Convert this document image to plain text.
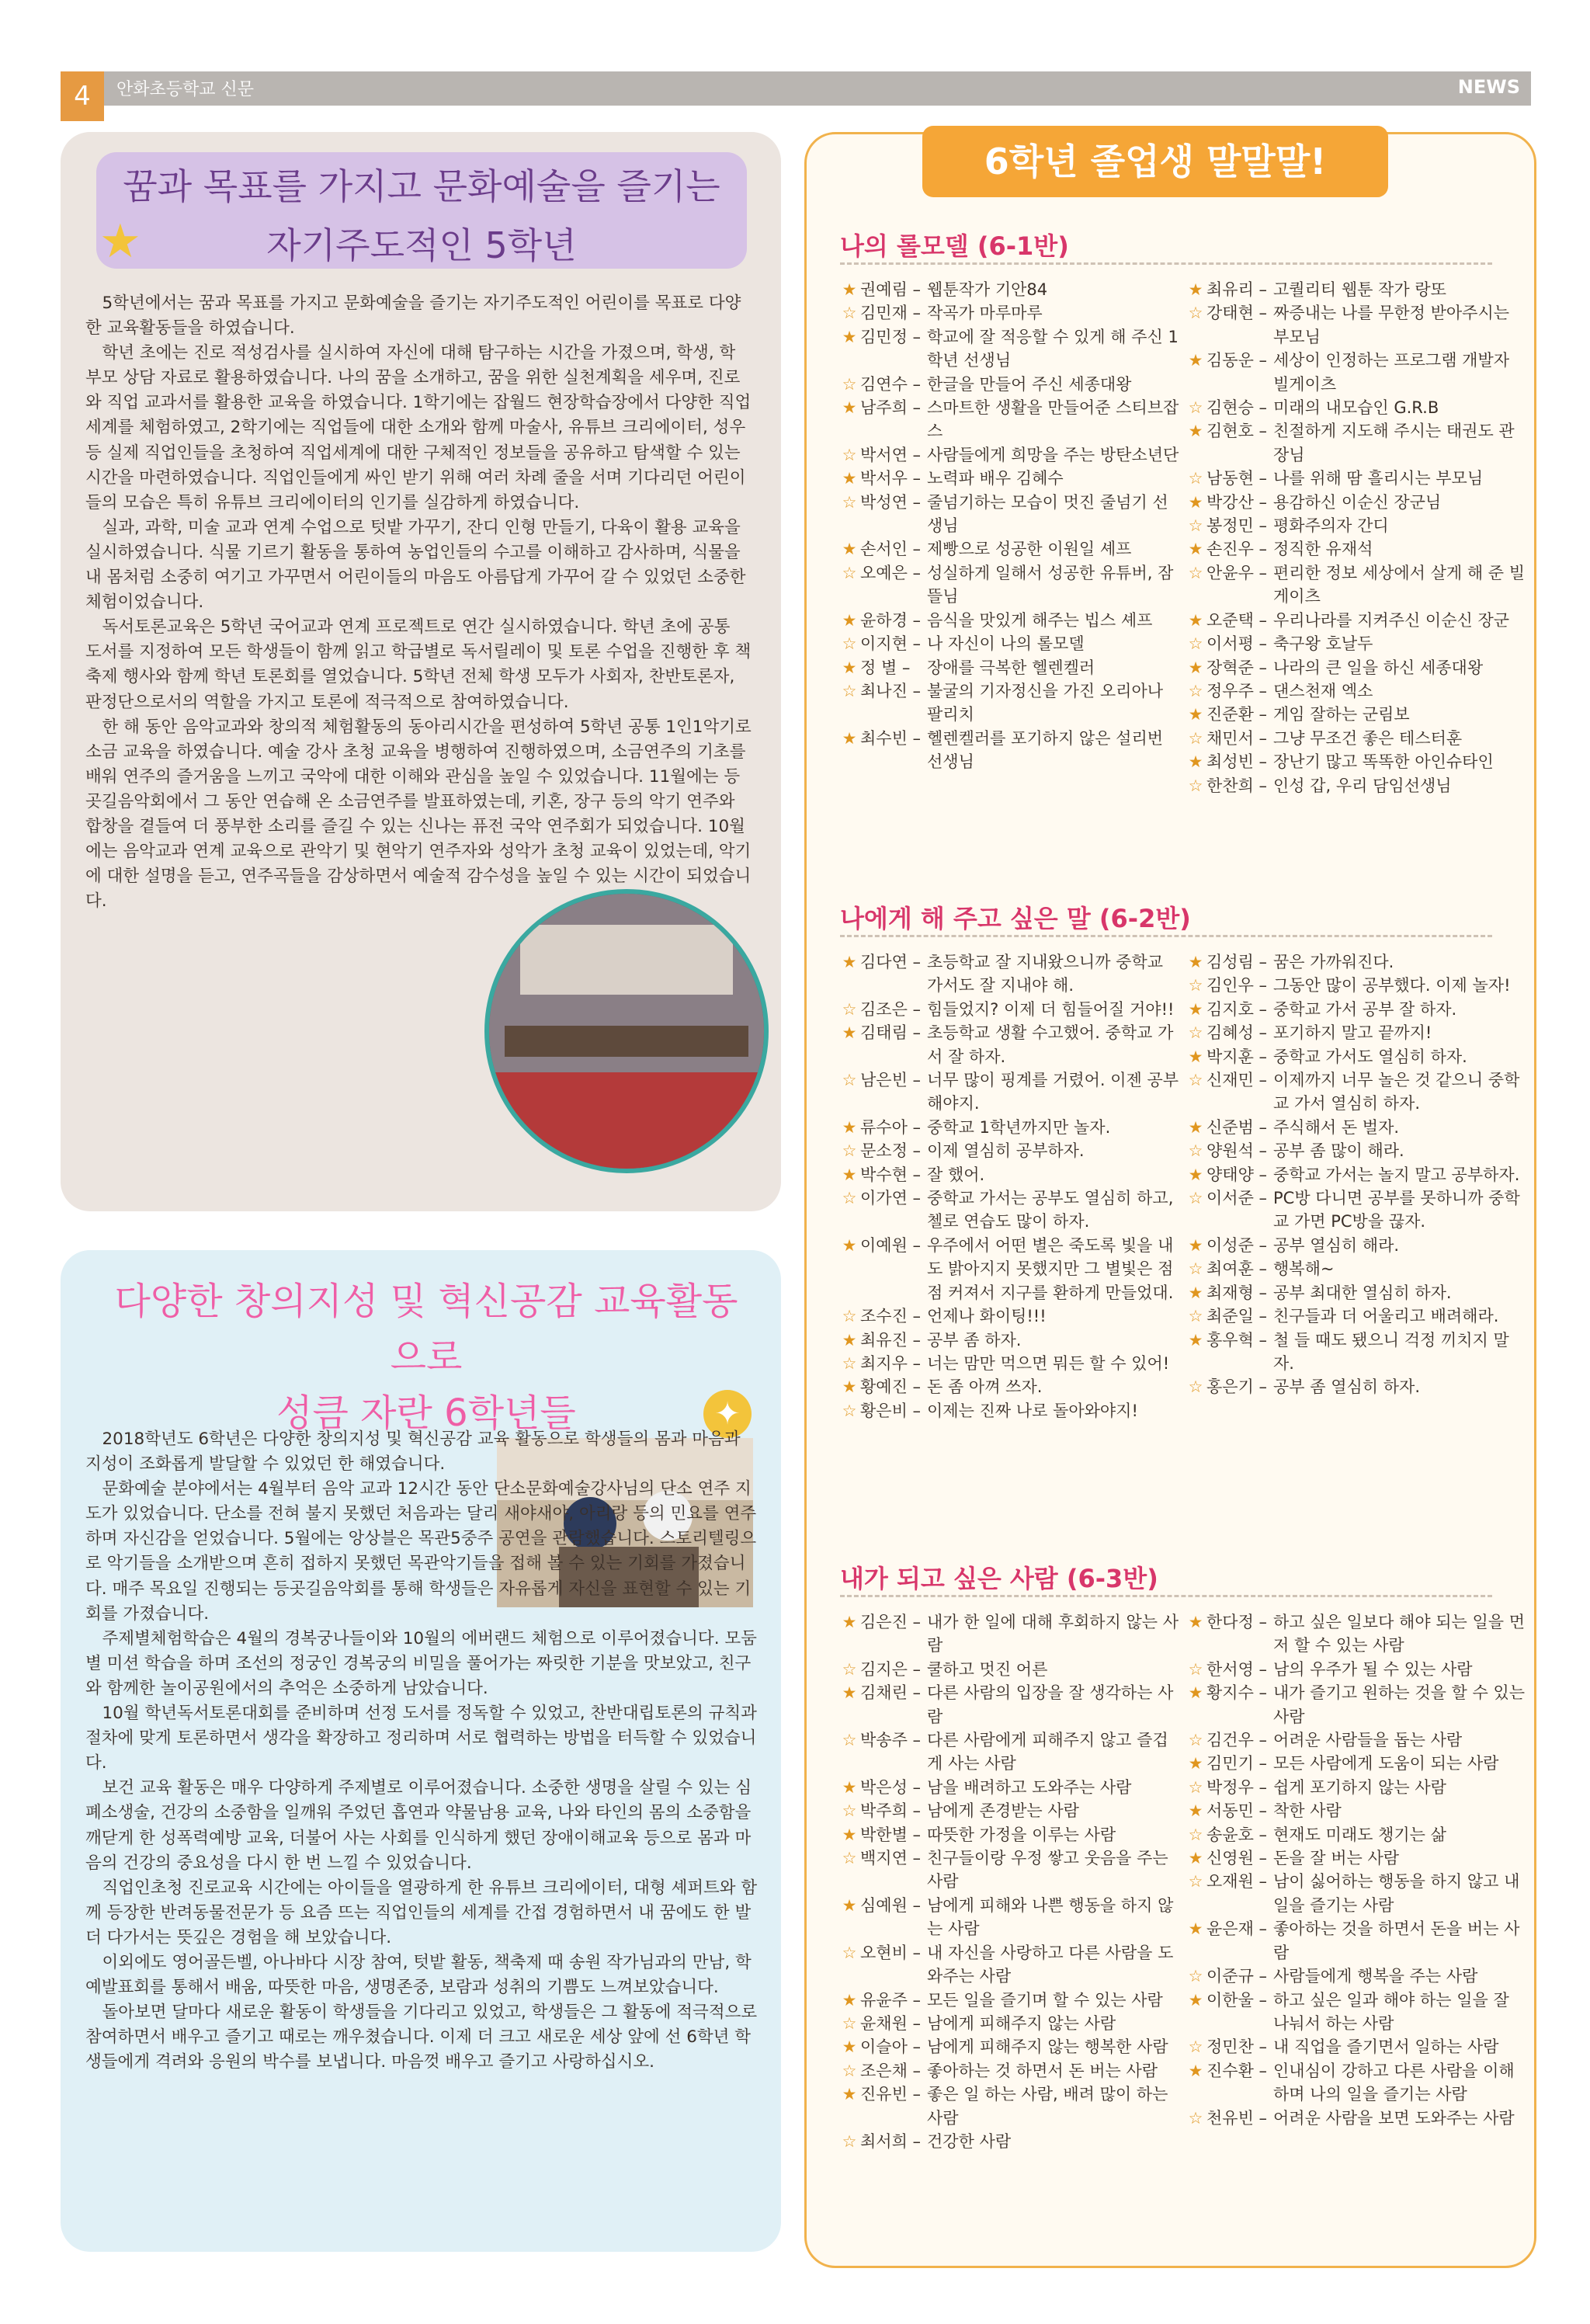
4	안화초등학교 신문	NEWS

꿈과 목표를 가지고 문화예술을 즐기는

자기주도적인 5학년

★

5학년에서는 꿈과 목표를 가지고 문화예술을 즐기는 자기주도적인 어린이를 목표로 다양한 교육활동들을 하였습니다.

학년 초에는 진로 적성검사를 실시하여 자신에 대해 탐구하는 시간을 가졌으며, 학생, 학부모 상담 자료로 활용하였습니다. 나의 꿈을 소개하고, 꿈을 위한 실천계획을 세우며, 진로와 직업 교과서를 활용한 교육을 하였습니다. 1학기에는 잡월드 현장학습장에서 다양한 직업 세계를 체험하였고, 2학기에는 직업들에 대한 소개와 함께 마술사, 유튜브 크리에이터, 성우 등 실제 직업인들을 초청하여 직업세계에 대한 구체적인 정보들을 공유하고 탐색할 수 있는 시간을 마련하였습니다. 직업인들에게 싸인 받기 위해 여러 차례 줄을 서며 기다리던 어린이들의 모습은 특히 유튜브 크리에이터의 인기를 실감하게 하였습니다.

실과, 과학, 미술 교과 연계 수업으로 텃밭 가꾸기, 잔디 인형 만들기, 다육이 활용 교육을 실시하였습니다. 식물 기르기 활동을 통하여 농업인들의 수고를 이해하고 감사하며, 식물을 내 몸처럼 소중히 여기고 가꾸면서 어린이들의 마음도 아름답게 가꾸어 갈 수 있었던 소중한 체험이었습니다.

독서토론교육은 5학년 국어교과 연계 프로젝트로 연간 실시하였습니다. 학년 초에 공통 도서를 지정하여 모든 학생들이 함께 읽고 학급별로 독서릴레이 및 토론 수업을 진행한 후 책 축제 행사와 함께 학년 토론회를 열었습니다. 5학년 전체 학생 모두가 사회자, 찬반토론자, 판정단으로서의 역할을 가지고 토론에 적극적으로 참여하였습니다.

한 해 동안 음악교과와 창의적 체험활동의 동아리시간을 편성하여 5학년 공통 1인1악기로 소금 교육을 하였습니다. 예술 강사 초청 교육을 병행하여 진행하였으며, 소금연주의 기초를 배워 연주의 즐거움을 느끼고 국악에 대한 이해와 관심을 높일 수 있었습니다. 11월에는 등곳길음악회에서 그 동안 연습해 온 소금연주를 발표하였는데, 키혼, 장구 등의 악기 연주와 합창을 곁들여 더 풍부한 소리를 즐길 수 있는 신나는 퓨전 국악 연주회가 되었습니다. 10월에는 음악교과 연계 교육으로 관악기 및 현악기 연주자와 성악가 초청 교육이 있었는데, 악기에 대한 설명을 듣고, 연주곡들을 감상하면서 예술적 감수성을 높일 수 있는 시간이 되었습니다.

다양한 창의지성 및 혁신공감 교육활동으로

성큼 자란 6학년들	✦

2018학년도 6학년은 다양한 창의지성 및 혁신공감 교육 활동으로 학생들의 몸과 마음과 지성이 조화롭게 발달할 수 있었던 한 해였습니다.

문화예술 분야에서는 4월부터 음악 교과 12시간 동안 단소문화예술강사님의 단소 연주 지도가 있었습니다. 단소를 전혀 불지 못했던 처음과는 달리 새야새야, 아리랑 등의 민요를 연주하며 자신감을 얻었습니다. 5월에는 앙상블은 목관5중주 공연을 관람했습니다. 스토리텔링으로 악기들을 소개받으며 흔히 접하지 못했던 목관악기들을 접해 볼 수 있는 기회를 가졌습니다. 매주 목요일 진행되는 등곳길음악회를 통해 학생들은 자유롭게 자신을 표현할 수 있는 기회를 가졌습니다.

주제별체험학습은 4월의 경복궁나들이와 10월의 에버랜드 체험으로 이루어졌습니다. 모둠별 미션 학습을 하며 조선의 정궁인 경복궁의 비밀을 풀어가는 짜릿한 기분을 맛보았고, 친구와 함께한 놀이공원에서의 추억은 소중하게 남았습니다.

10월 학년독서토론대회를 준비하며 선정 도서를 정독할 수 있었고, 찬반대립토론의 규칙과 절차에 맞게 토론하면서 생각을 확장하고 정리하며 서로 협력하는 방법을 터득할 수 있었습니다.

보건 교육 활동은 매우 다양하게 주제별로 이루어졌습니다. 소중한 생명을 살릴 수 있는 심폐소생술, 건강의 소중함을 일깨워 주었던 흡연과 약물남용 교육, 나와 타인의 몸의 소중함을 깨닫게 한 성폭력예방 교육, 더불어 사는 사회를 인식하게 했던 장애이해교육 등으로 몸과 마음의 건강의 중요성을 다시 한 번 느낄 수 있었습니다.

직업인초청 진로교육 시간에는 아이들을 열광하게 한 유튜브 크리에이터, 대형 셰퍼트와 함께 등장한 반려동물전문가 등 요즘 뜨는 직업인들의 세계를 간접 경험하면서 내 꿈에도 한 발 더 다가서는 뜻깊은 경험을 해 보았습니다.

이외에도 영어골든벨, 아나바다 시장 참여, 텃밭 활동, 책축제 때 송원 작가님과의 만남, 학예발표회를 통해서 배움, 따뜻한 마음, 생명존중, 보람과 성취의 기쁨도 느껴보았습니다.

돌아보면 달마다 새로운 활동이 학생들을 기다리고 있었고, 학생들은 그 활동에 적극적으로 참여하면서 배우고 즐기고 때로는 깨우쳤습니다. 이제 더 크고 새로운 세상 앞에 선 6학년 학생들에게 격려와 응원의 박수를 보냅니다. 마음껏 배우고 즐기고 사랑하십시오.

6학년 졸업생 말말말!
나의 롤모델 (6-1반)
★ 권예림 – 웹툰작가 기안84
☆ 김민재 – 작곡가 마루마루
★ 김민정 – 학교에 잘 적응할 수 있게 해 주신 1학년 선생님
☆ 김연수 – 한글을 만들어 주신 세종대왕
★ 남주희 – 스마트한 생활을 만들어준 스티브잡스
☆ 박서연 – 사람들에게 희망을 주는 방탄소년단
★ 박서우 – 노력파 배우 김혜수
☆ 박성연 – 줄넘기하는 모습이 멋진 줄넘기 선생님
★ 손서인 – 제빵으로 성공한 이원일 셰프
☆ 오예은 – 성실하게 일해서 성공한 유튜버, 잠뜰님
★ 윤하경 – 음식을 맛있게 해주는 빕스 셰프
☆ 이지현 – 나 자신이 나의 롤모델
★ 정 별 –	장애를 극복한 헬렌켈러
☆ 최나진 – 불굴의 기자정신을 가진 오리아나 팔리치
★ 최수빈 – 헬렌켈러를 포기하지 않은 설리번 선생님
★ 최유리 – 고퀄리티 웹툰 작가 랑또
☆ 강태현 – 짜증내는 나를 무한정 받아주시는 부모님
★ 김동운 – 세상이 인정하는 프로그램 개발자 빌게이츠
☆ 김현승 – 미래의 내모습인 G.R.B
★ 김현호 – 친절하게 지도해 주시는 태권도 관장님
☆ 남동현 – 나를 위해 땀 흘리시는 부모님
★ 박강산 – 용감하신 이순신 장군님
☆ 봉정민 – 평화주의자 간디
★ 손진우 – 정직한 유재석
☆ 안윤우 – 편리한 정보 세상에서 살게 해 준 빌게이츠
★ 오준택 – 우리나라를 지켜주신 이순신 장군
☆ 이서평 – 축구왕 호날두
★ 장혁준 – 나라의 큰 일을 하신 세종대왕
☆ 정우주 – 댄스천재 엑소
★ 진준환 – 게임 잘하는 군림보
☆ 채민서 – 그냥 무조건 좋은 테스터훈
★ 최성빈 – 장난기 많고 똑똑한 아인슈타인
☆ 한찬희 – 인성 갑, 우리 담임선생님
나에게 해 주고 싶은 말 (6-2반)
★ 김다연 – 초등학교 잘 지내왔으니까 중학교 가서도 잘 지내야 해.
☆ 김조은 – 힘들었지? 이제 더 힘들어질 거야!!
★ 김태림 – 초등학교 생활 수고했어. 중학교 가서 잘 하자.
☆ 남은빈 – 너무 많이 핑계를 거렸어. 이젠 공부해야지.
★ 류수아 – 중학교 1학년까지만 놀자.
☆ 문소정 – 이제 열심히 공부하자.
★ 박수현 – 잘 했어.
☆ 이가연 – 중학교 가서는 공부도 열심히 하고, 첼로 연습도 많이 하자.
★ 이예원 – 우주에서 어떤 별은 죽도록 빛을 내도 밝아지지 못했지만 그 별빛은 점점 커져서 지구를 환하게 만들었대.
☆ 조수진 – 언제나 화이팅!!!
★ 최유진 – 공부 좀 하자.
☆ 최지우 – 너는 맘만 먹으면 뭐든 할 수 있어!
★ 황예진 – 돈 좀 아껴 쓰자.
☆ 황은비 – 이제는 진짜 나로 돌아와야지!
★ 김성림 – 꿈은 가까워진다.
☆ 김인우 – 그동안 많이 공부했다. 이제 놀자!
★ 김지호 – 중학교 가서 공부 잘 하자.
☆ 김혜성 – 포기하지 말고 끝까지!
★ 박지훈 – 중학교 가서도 열심히 하자.
☆ 신재민 – 이제까지 너무 놀은 것 같으니 중학교 가서 열심히 하자.
★ 신준범 – 주식해서 돈 벌자.
☆ 양원석 – 공부 좀 많이 해라.
★ 양태양 – 중학교 가서는 놀지 말고 공부하자.
☆ 이서준 – PC방 다니면 공부를 못하니까 중학교 가면 PC방을 끊자.
★ 이성준 – 공부 열심히 해라.
☆ 최여훈 – 행복해~
★ 최재형 – 공부 최대한 열심히 하자.
☆ 최준일 – 친구들과 더 어울리고 배려해라.
★ 홍우혁 – 철 들 때도 됐으니 걱정 끼치지 말자.
☆ 홍은기 – 공부 좀 열심히 하자.
내가 되고 싶은 사람 (6-3반)
★ 김은진 – 내가 한 일에 대해 후회하지 않는 사람
☆ 김지은 – 쿨하고 멋진 어른
★ 김채린 – 다른 사람의 입장을 잘 생각하는 사람
☆ 박송주 – 다른 사람에게 피해주지 않고 즐겁게 사는 사람
★ 박은성 – 남을 배려하고 도와주는 사람
☆ 박주희 – 남에게 존경받는 사람
★ 박한별 – 따뜻한 가정을 이루는 사람
☆ 백지연 – 친구들이랑 우정 쌓고 웃음을 주는 사람
★ 심예원 – 남에게 피해와 나쁜 행동을 하지 않는 사람
☆ 오현비 – 내 자신을 사랑하고 다른 사람을 도와주는 사람
★ 유윤주 – 모든 일을 즐기며 할 수 있는 사람
☆ 윤채원 – 남에게 피해주지 않는 사람
★ 이슬아 – 남에게 피해주지 않는 행복한 사람
☆ 조은채 – 좋아하는 것 하면서 돈 버는 사람
★ 진유빈 – 좋은 일 하는 사람, 배려 많이 하는 사람
☆ 최서희 – 건강한 사람
★ 한다정 – 하고 싶은 일보다 해야 되는 일을 먼저 할 수 있는 사람
☆ 한서영 – 남의 우주가 될 수 있는 사람
★ 황지수 – 내가 즐기고 원하는 것을 할 수 있는 사람
☆ 김건우 – 어려운 사람들을 돕는 사람
★ 김민기 – 모든 사람에게 도움이 되는 사람
☆ 박정우 – 쉽게 포기하지 않는 사람
★ 서동민 – 착한 사람
☆ 송윤호 – 현재도 미래도 챙기는 삶
★ 신영원 – 돈을 잘 버는 사람
☆ 오재원 – 남이 싫어하는 행동을 하지 않고 내 일을 즐기는 사람
★ 윤은재 – 좋아하는 것을 하면서 돈을 버는 사람
☆ 이준규 – 사람들에게 행복을 주는 사람
★ 이한울 – 하고 싶은 일과 해야 하는 일을 잘 나눠서 하는 사람
☆ 정민찬 – 내 직업을 즐기면서 일하는 사람
★ 진수환 – 인내심이 강하고 다른 사람을 이해하며 나의 일을 즐기는 사람
☆ 천유빈 – 어려운 사람을 보면 도와주는 사람
